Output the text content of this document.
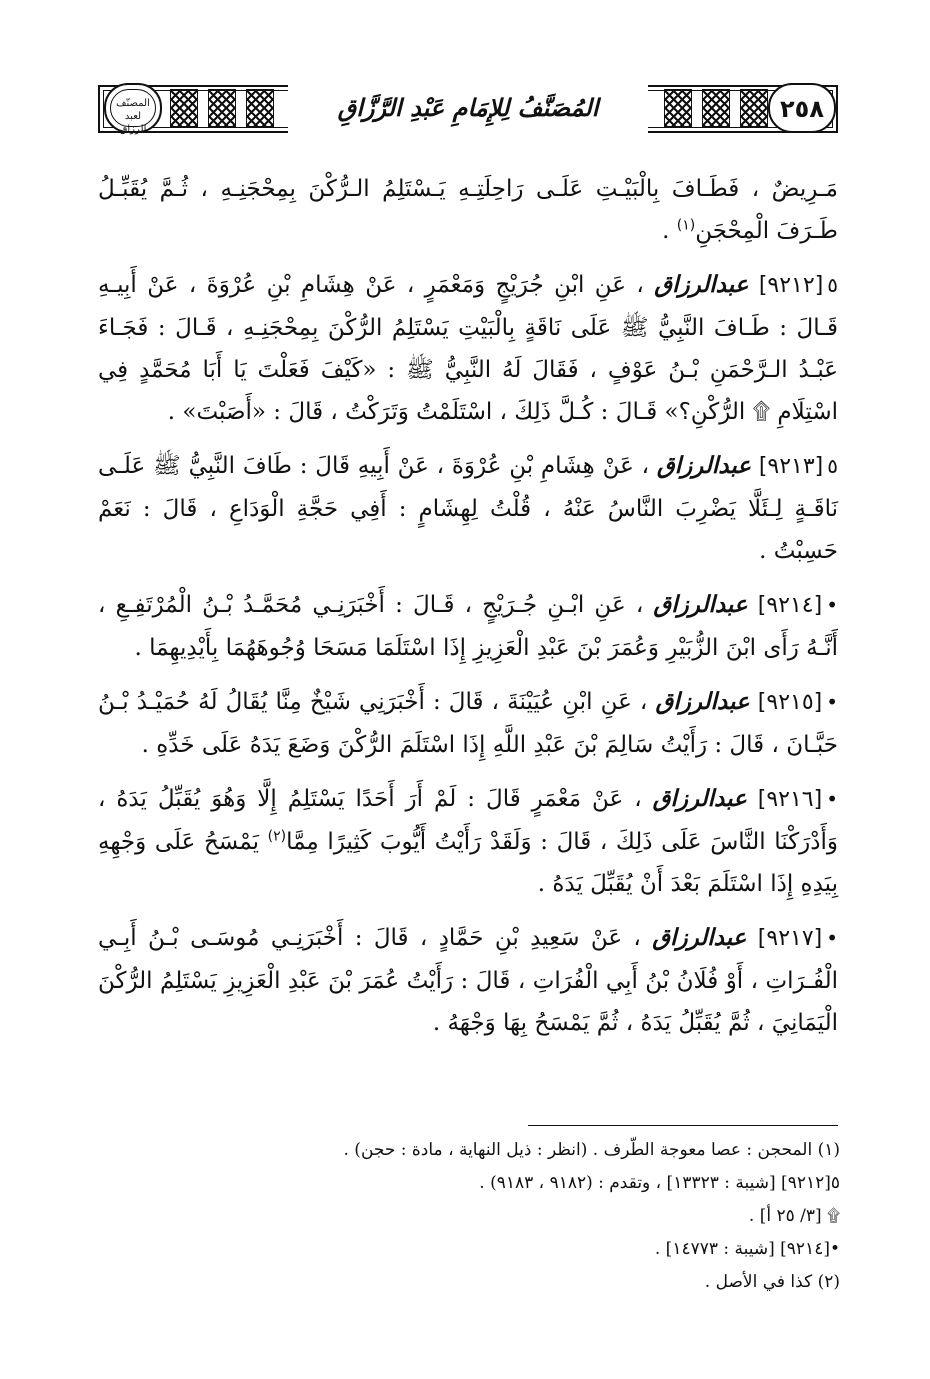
المصنّف لعبد الرزاق
٢٥٨
المُصَنَّفُ لِلإِمَامِ عَبْدِ الرَّزَّاقِ

مَـرِيضٌ ، فَطَـافَ بِالْبَيْـتِ عَلَـى رَاحِلَتِـهِ يَـسْتَلِمُ الـرُّكْنَ بِمِحْجَنِـهِ ، ثُـمَّ يُقَبِّـلُ طَـرَفَ الْمِحْجَنِ$^{(١)}$ .

٥[٩٢١٢] عبدالرزاق ، عَنِ ابْنِ جُرَيْجٍ وَمَعْمَرٍ ، عَنْ هِشَامِ بْنِ عُرْوَةَ ، عَنْ أَبِيـهِ قَـالَ : طَـافَ النَّبِيُّ ﷺ عَلَى نَاقَةٍ بِالْبَيْتِ يَسْتَلِمُ الرُّكْنَ بِمِحْجَنِـهِ ، قَـالَ : فَجَـاءَ عَبْـدُ الـرَّحْمَنِ بْـنُ عَوْفٍ ، فَقَالَ لَهُ النَّبِيُّ ﷺ : «كَيْفَ فَعَلْتَ يَا أَبَا مُحَمَّدٍ فِي اسْتِلَامِ ۩ الرُّكْنِ؟» قَـالَ : كُـلَّ ذَلِكَ ، اسْتَلَمْتُ وَتَرَكْتُ ، قَالَ : «أَصَبْتَ» .

٥[٩٢١٣] عبدالرزاق ، عَنْ هِشَامِ بْنِ عُرْوَةَ ، عَنْ أَبِيهِ قَالَ : طَافَ النَّبِيُّ ﷺ عَلَـى نَاقَـةٍ لِـئَلَّا يَضْرِبَ النَّاسُ عَنْهُ ، قُلْتُ لِهِشَامٍ : أَفِي حَجَّةِ الْوَدَاعِ ، قَالَ : نَعَمْ حَسِبْتُ .

•[٩٢١٤] عبدالرزاق ، عَنِ ابْـنِ جُـرَيْجٍ ، قَـالَ : أَخْبَرَنِـي مُحَمَّـدُ بْـنُ الْمُرْتَفِـعِ ، أَنَّـهُ رَأَى ابْنَ الزُّبَيْرِ وَعُمَرَ بْنَ عَبْدِ الْعَزِيزِ إِذَا اسْتَلَمَا مَسَحَا وُجُوهَهُمَا بِأَيْدِيهِمَا .

•[٩٢١٥] عبدالرزاق ، عَنِ ابْنِ عُيَيْنَةَ ، قَالَ : أَخْبَرَنِي شَيْخٌ مِنَّا يُقَالُ لَهُ حُمَيْـدُ بْـنُ حَبَّـانَ ، قَالَ : رَأَيْتُ سَالِمَ بْنَ عَبْدِ اللَّهِ إِذَا اسْتَلَمَ الرُّكْنَ وَضَعَ يَدَهُ عَلَى خَدِّهِ .

•[٩٢١٦] عبدالرزاق ، عَنْ مَعْمَرٍ قَالَ : لَمْ أَرَ أَحَدًا يَسْتَلِمُ إِلَّا وَهُوَ يُقَبِّلُ يَدَهُ ، وَأَدْرَكْنَا النَّاسَ عَلَى ذَلِكَ ، قَالَ : وَلَقَدْ رَأَيْتُ أَيُّوبَ كَثِيرًا مِمَّا$^{(٢)}$ يَمْسَحُ عَلَى وَجْهِهِ بِيَدِهِ إِذَا اسْتَلَمَ بَعْدَ أَنْ يُقَبِّلَ يَدَهُ .

•[٩٢١٧] عبدالرزاق ، عَنْ سَعِيدِ بْنِ حَمَّادٍ ، قَالَ : أَخْبَرَنِـي مُوسَـى بْـنُ أَبِـي الْفُـرَاتِ ، أَوْ فُلَانُ بْنُ أَبِي الْفُرَاتِ ، قَالَ : رَأَيْتُ عُمَرَ بْنَ عَبْدِ الْعَزِيزِ يَسْتَلِمُ الرُّكْنَ الْيَمَانِيَ ، ثُمَّ يُقَبِّلُ يَدَهُ ، ثُمَّ يَمْسَحُ بِهَا وَجْهَهُ .

(١) المحجن : عصا معوجة الطّرف . (انظر : ذيل النهاية ، مادة : حجن) .

٥[٩٢١٢] [شيبة : ١٣٣٢٣] ، وتقدم : (٩١٨٢ ، ٩١٨٣) .

۩ [٣/ ٢٥ أ] .

•[٩٢١٤] [شيبة : ١٤٧٧٣] .

(٢) كذا في الأصل .
